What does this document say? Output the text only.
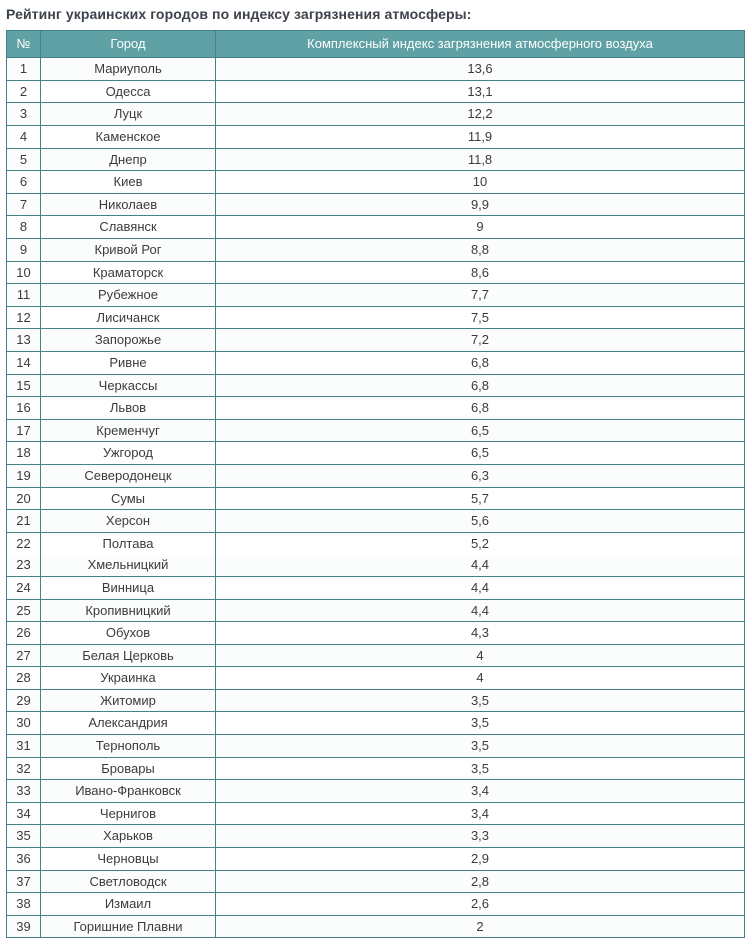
Рейтинг украинских городов по индексу загрязнения атмосферы:
№	Город	Комплексный индекс загрязнения атмосферного воздуха
1	Мариуполь	13,6
2	Одесса	13,1
3	Луцк	12,2
4	Каменское	11,9
5	Днепр	11,8
6	Киев	10
7	Николаев	9,9
8	Славянск	9
9	Кривой Рог	8,8
10	Краматорск	8,6
11	Рубежное	7,7
12	Лисичанск	7,5
13	Запорожье	7,2
14	Ривне	6,8
15	Черкассы	6,8
16	Львов	6,8
17	Кременчуг	6,5
18	Ужгород	6,5
19	Северодонецк	6,3
20	Сумы	5,7
21	Херсон	5,6
22	Полтава	5,2
23	Хмельницкий	4,4
24	Винница	4,4
25	Кропивницкий	4,4
26	Обухов	4,3
27	Белая Церковь	4
28	Украинка	4
29	Житомир	3,5
30	Александрия	3,5
31	Тернополь	3,5
32	Бровары	3,5
33	Ивано-Франковск	3,4
34	Чернигов	3,4
35	Харьков	3,3
36	Черновцы	2,9
37	Светловодск	2,8
38	Измаил	2,6
39	Горишние Плавни	2
